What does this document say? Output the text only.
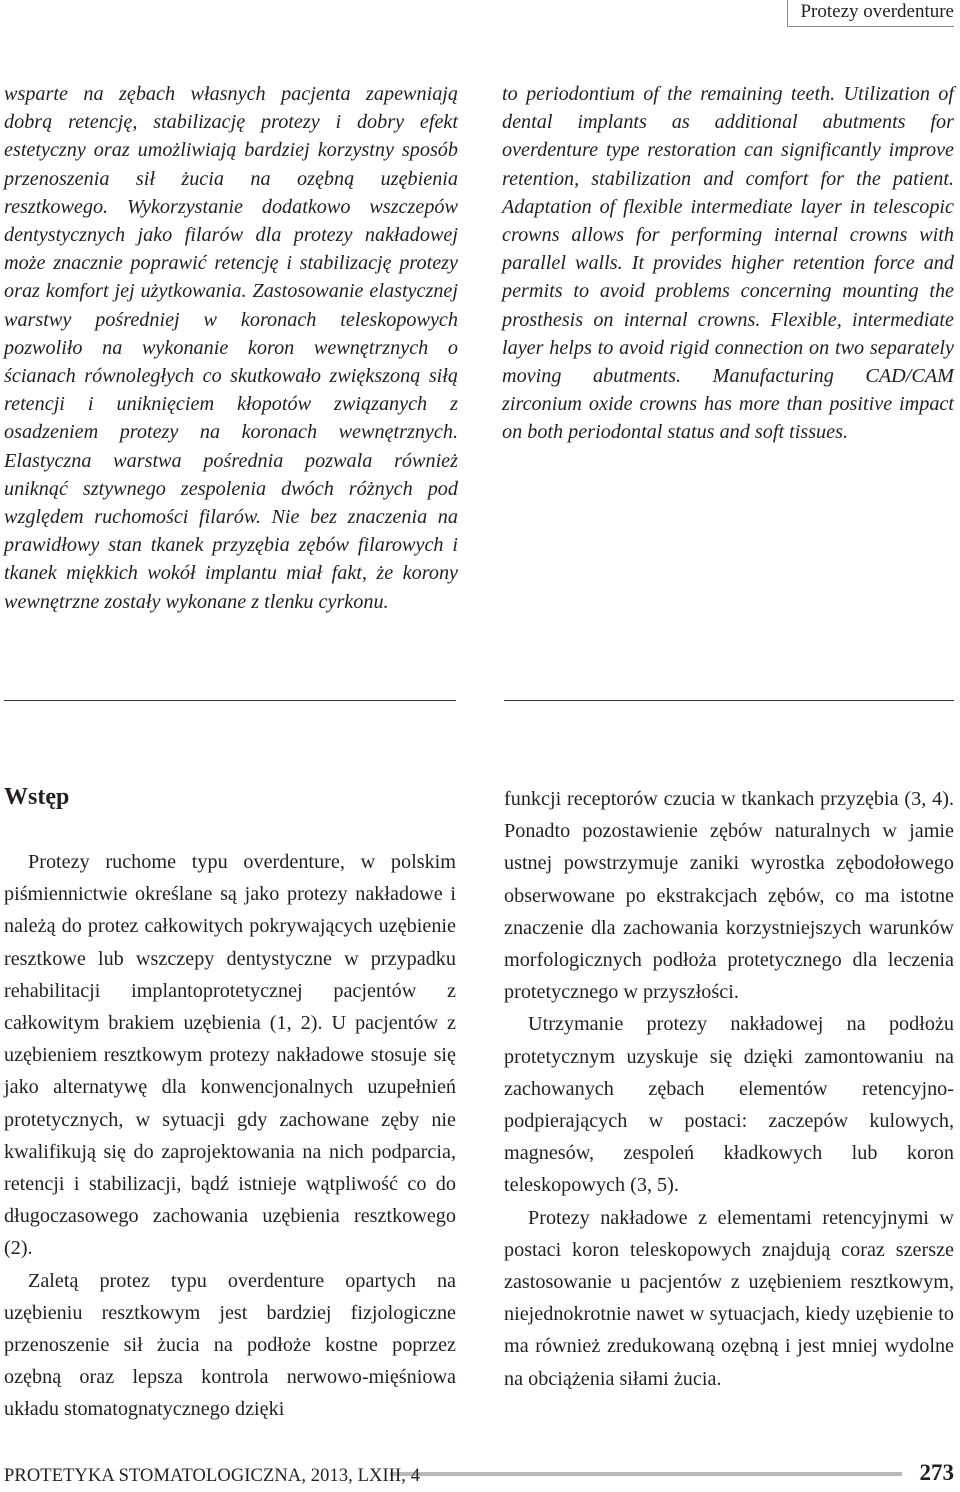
Protezy overdenture
wsparte na zębach własnych pacjenta zapewniają dobrą retencję, stabilizację protezy i dobry efekt estetyczny oraz umożliwiają bardziej korzystny sposób przenoszenia sił żucia na ozębną uzębienia resztkowego. Wykorzystanie dodatkowo wszczepów dentystycznych jako filarów dla protezy nakładowej może znacznie poprawić retencję i stabilizację protezy oraz komfort jej użytkowania. Zastosowanie elastycznej warstwy pośredniej w koronach teleskopowych pozwoliło na wykonanie koron wewnętrznych o ścianach równoległych co skutkowało zwiększoną siłą retencji i uniknięciem kłopotów związanych z osadzeniem protezy na koronach wewnętrznych. Elastyczna warstwa pośrednia pozwala również uniknąć sztywnego zespolenia dwóch różnych pod względem ruchomości filarów. Nie bez znaczenia na prawidłowy stan tkanek przyzębia zębów filarowych i tkanek miękkich wokół implantu miał fakt, że korony wewnętrzne zostały wykonane z tlenku cyrkonu.
to periodontium of the remaining teeth. Utilization of dental implants as additional abutments for overdenture type restoration can significantly improve retention, stabilization and comfort for the patient. Adaptation of flexible intermediate layer in telescopic crowns allows for performing internal crowns with parallel walls. It provides higher retention force and permits to avoid problems concerning mounting the prosthesis on internal crowns. Flexible, intermediate layer helps to avoid rigid connection on two separately moving abutments. Manufacturing CAD/CAM zirconium oxide crowns has more than positive impact on both periodontal status and soft tissues.
Wstęp

Protezy ruchome typu overdenture, w polskim piśmiennictwie określane są jako protezy nakładowe i należą do protez całkowitych pokrywających uzębienie resztkowe lub wszczepy dentystyczne w przypadku rehabilitacji implantoprotetycznej pacjentów z całkowitym brakiem uzębienia (1, 2). U pacjentów z uzębieniem resztkowym protezy nakładowe stosuje się jako alternatywę dla konwencjonalnych uzupełnień protetycznych, w sytuacji gdy zachowane zęby nie kwalifikują się do zaprojektowania na nich podparcia, retencji i stabilizacji, bądź istnieje wątpliwość co do długoczasowego zachowania uzębienia resztkowego (2).

Zaletą protez typu overdenture opartych na uzębieniu resztkowym jest bardziej fizjologiczne przenoszenie sił żucia na podłoże kostne poprzez ozębną oraz lepsza kontrola nerwowo-mięśniowa układu stomatognatycznego dzięki

funkcji receptorów czucia w tkankach przyzębia (3, 4). Ponadto pozostawienie zębów naturalnych w jamie ustnej powstrzymuje zaniki wyrostka zębodołowego obserwowane po ekstrakcjach zębów, co ma istotne znaczenie dla zachowania korzystniejszych warunków morfologicznych podłoża protetycznego dla leczenia protetycznego w przyszłości.

Utrzymanie protezy nakładowej na podłożu protetycznym uzyskuje się dzięki zamontowaniu na zachowanych zębach elementów retencyjno-podpierających w postaci: zaczepów kulowych, magnesów, zespoleń kładkowych lub koron teleskopowych (3, 5).

Protezy nakładowe z elementami retencyjnymi w postaci koron teleskopowych znajdują coraz szersze zastosowanie u pacjentów z uzębieniem resztkowym, niejednokrotnie nawet w sytuacjach, kiedy uzębienie to ma również zredukowaną ozębną i jest mniej wydolne na obciążenia siłami żucia.

PROTETYKA STOMATOLOGICZNA, 2013, LXIII, 4	273
